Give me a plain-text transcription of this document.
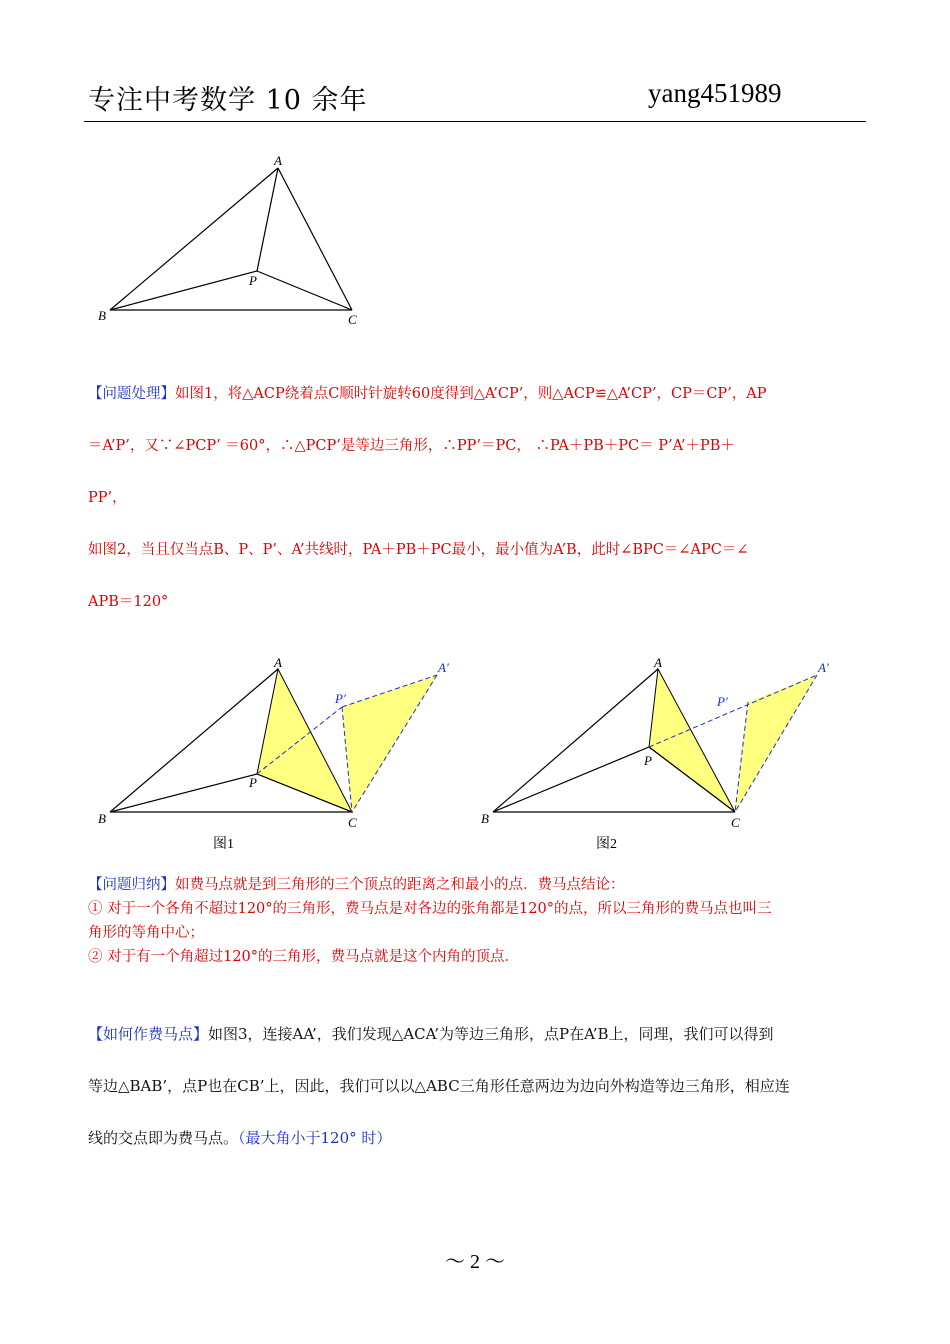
专注中考数学 10 余年	yang451989
A
B	C
P
【问题处理】如图1，将△ACP绕着点C顺时针旋转60度得到△A’CP’，则△ACP≌△A’CP’，CP＝CP’，AP
＝A’P’，又∵∠PCP’ ＝60°，∴△PCP’是等边三角形，∴PP’＝PC， ∴PA＋PB＋PC＝ P’A’＋PB＋
PP’，
如图2，当且仅当点B、P、P’、A’共线时，PA＋PB＋PC最小，最小值为A’B，此时∠BPC＝∠APC＝∠
APB＝120°
A
B	C
P
P′
A′
图1
A
B	C
P
P′
A′
图2
【问题归纳】如费马点就是到三角形的三个顶点的距离之和最小的点．费马点结论：
① 对于一个各角不超过120°的三角形，费马点是对各边的张角都是120°的点，所以三角形的费马点也叫三
角形的等角中心；
② 对于有一个角超过120°的三角形，费马点就是这个内角的顶点．
【如何作费马点】如图3，连接AA’，我们发现△ACA’为等边三角形，点P在A’B上，同理，我们可以得到
等边△BAB’，点P也在CB’上，因此，我们可以以△ABC三角形任意两边为边向外构造等边三角形，相应连
线的交点即为费马点。（最大角小于120° 时）
～ 2 ～
